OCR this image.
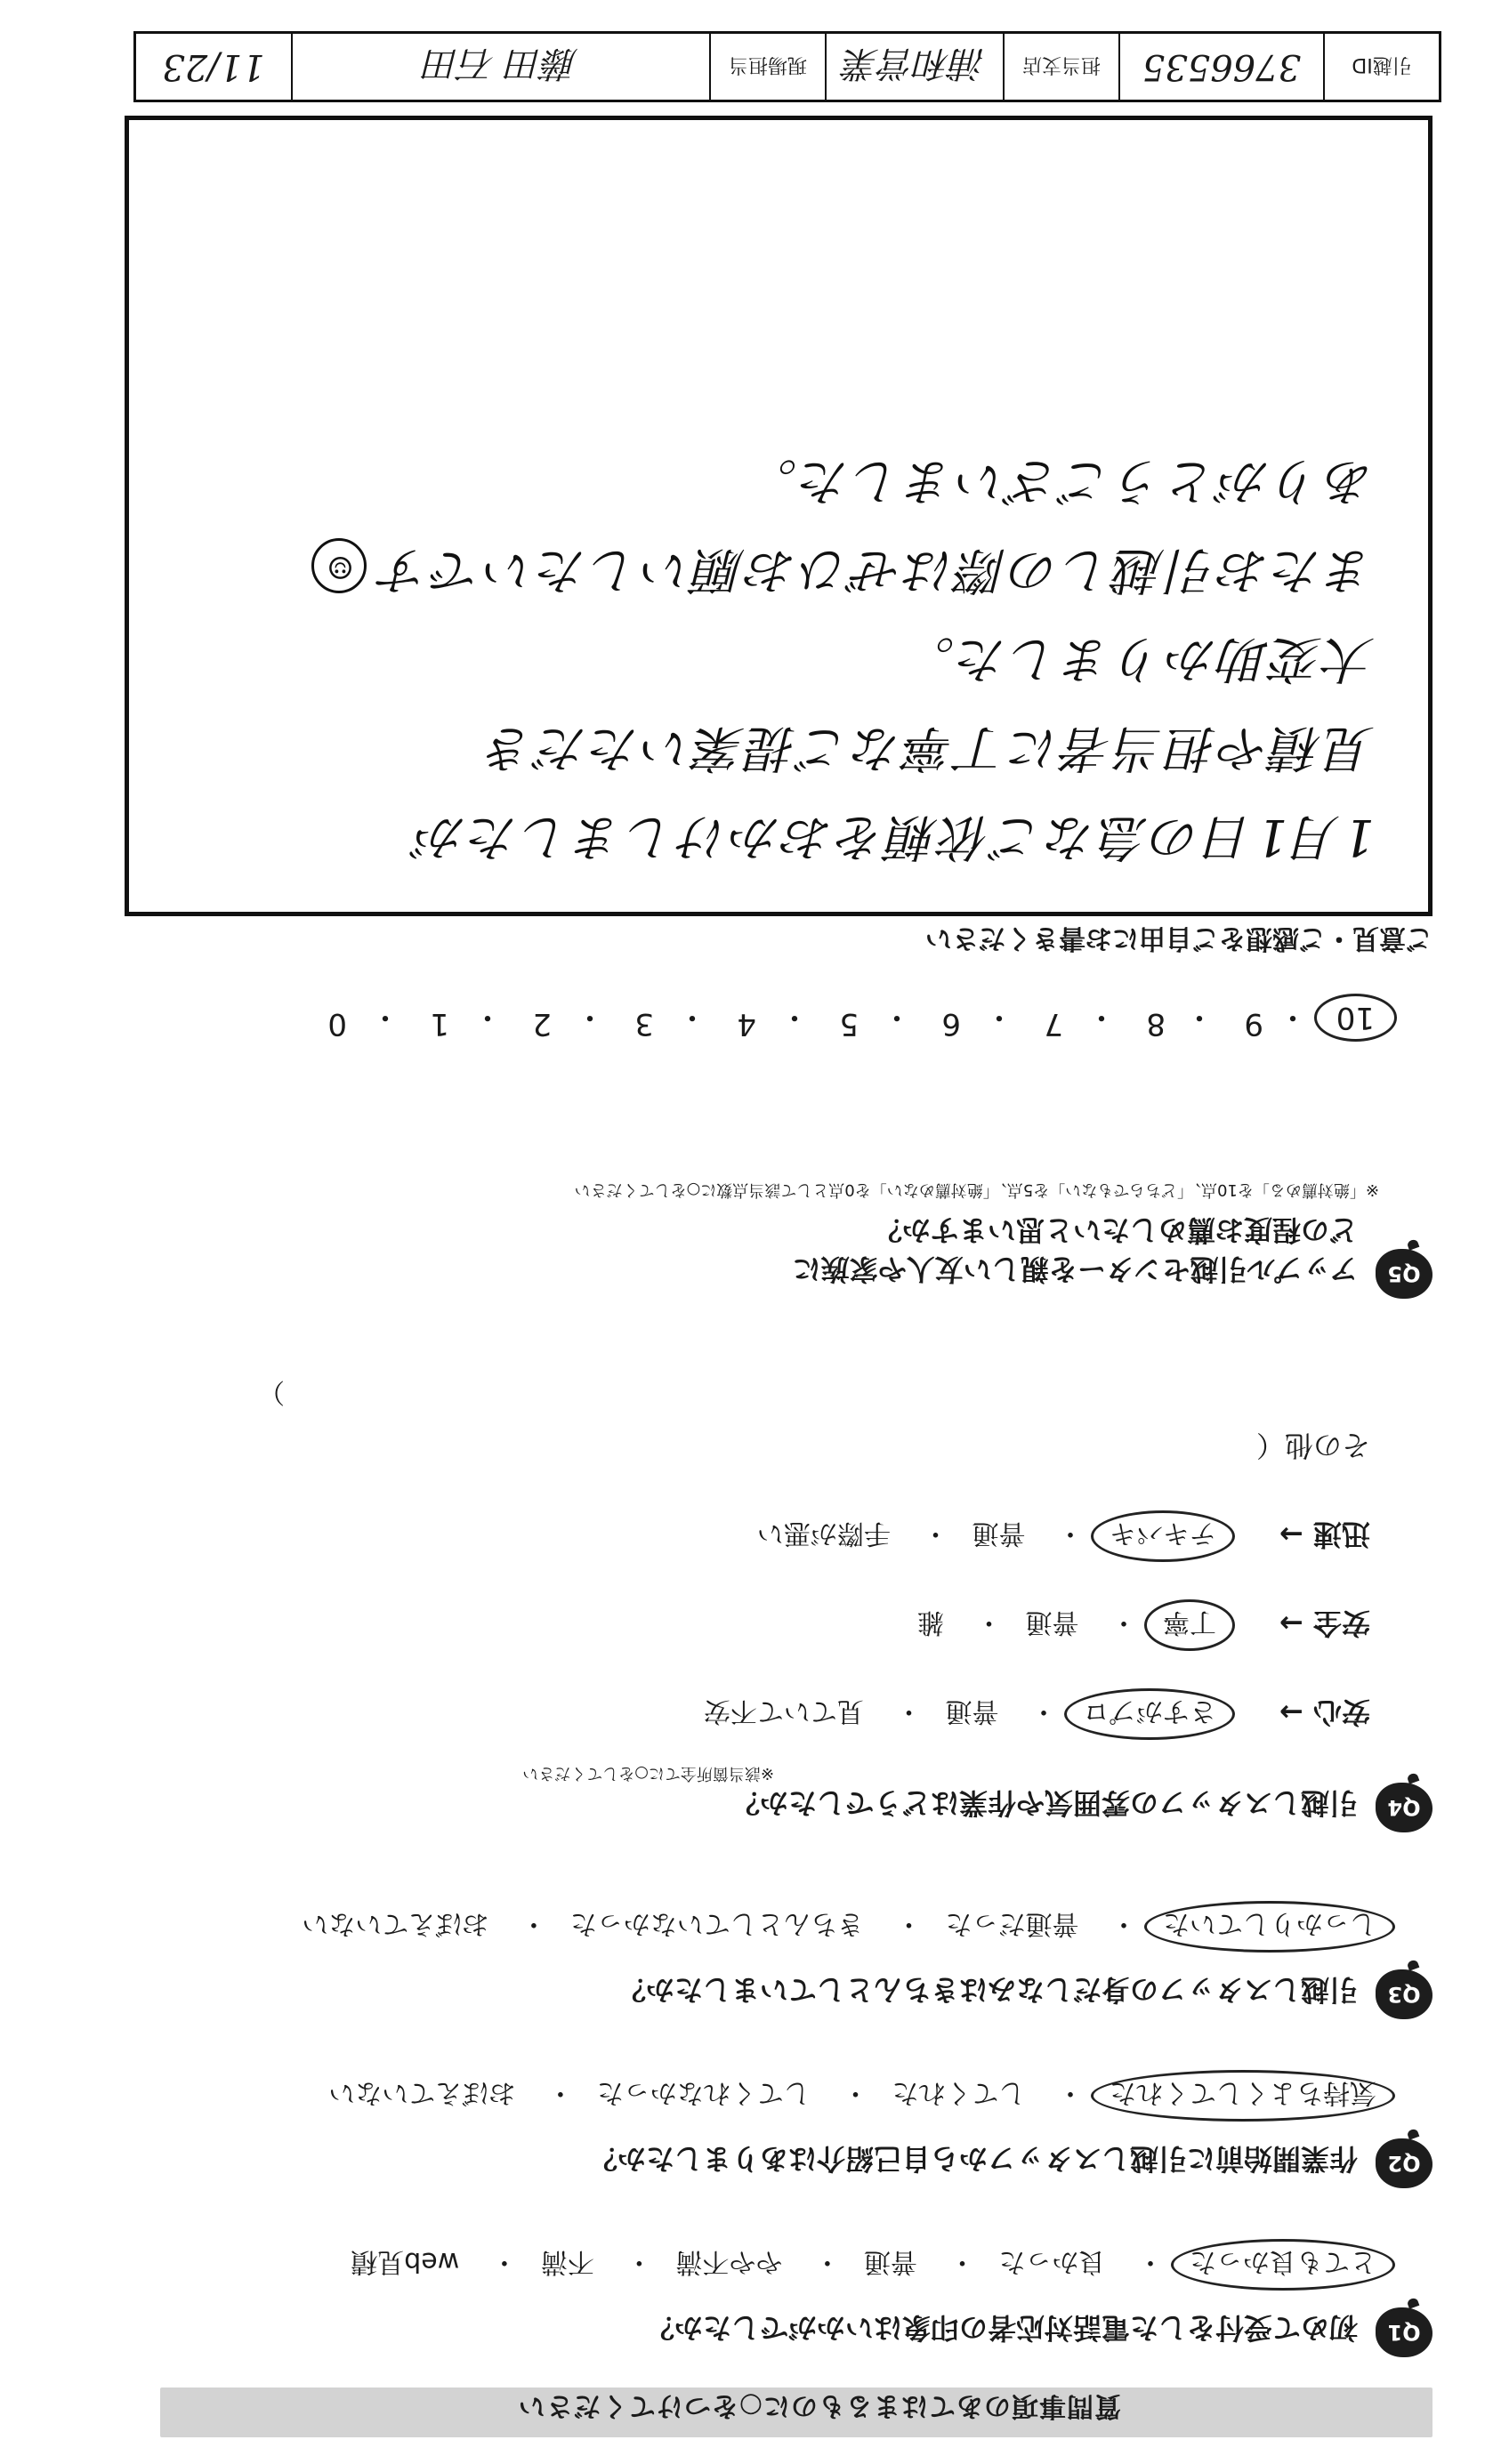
質問事項のあてはまるものに○をつけてください
Q1
初めて受付をした電話対応者の印象はいかがでしたか？
とても良かった・ 良かった・ 普通・ やや不満・ 不満・ web見積
Q2
作業開始前に引越しスタッフから自己紹介はありましたか？
気持ちよくしてくれた・ してくれた・ してくれなかった・ おぼえていない
Q3
引越しスタッフの身だしなみはきちんとしていましたか？
しっかりしていた・ 普通だった・ きちんとしていなかった・ おぼえていない
Q4
引越しスタッフの雰囲気や作業はどうでしたか？
※該当箇所全てに○をしてください
安心 →
さすがプロ・ 普通・ 見ていて不安
安全 →
丁寧・ 普通・ 雑
迅速 →
テキパキ・ 普通・ 手際が悪い
その他（
）
Q5
アップル引越センターを親しい友人や家族に
どの程度お薦めしたいと思いますか？
※「絶対薦める」を10点、「どちらでもない」を5点、「絶対薦めない」を0点として該当点数に○をしてください
10
・
9
・
8
・
7
・
6
・
5
・
4
・
3
・
2
・
1
・
0
ご意見・ご感想をご自由にお書きください
1月1日の急なご依頼をおかけしましたが
見積や担当者に丁寧なご提案いただき
大変助かりました。
またお引越しの際はぜひお願いしたいです☺
ありがとうございました。
引越ID
3766535
担当支店
浦和営業
現場担当
藤田 石田
11/23
